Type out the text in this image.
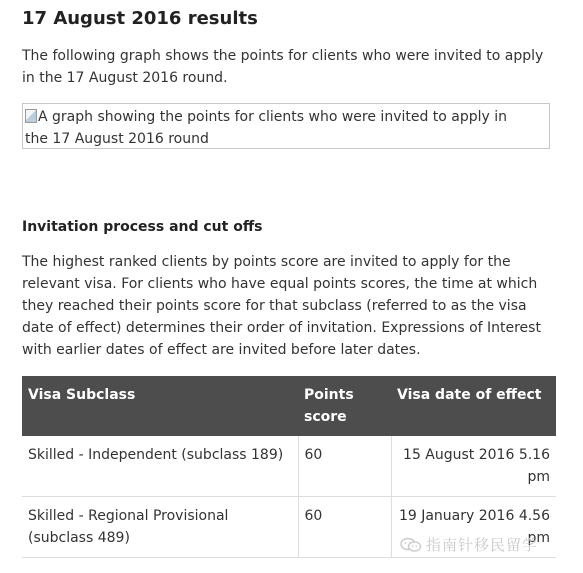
17 August 2016 results

The following graph shows the points for clients who were invited to apply in the 17 August 2016 round.

A graph showing the points for clients who were invited to apply in the 17 August 2016 round
Invitation process and cut offs

The highest ranked clients by points score are invited to apply for the relevant visa. For clients who have equal points scores, the time at which they reached their points score for that subclass (referred to as the visa date of effect) determines their order of invitation. Expressions of Interest with earlier dates of effect are invited before later dates.

Visa Subclass	Points score	Visa date of effect
Skilled - Independent (subclass 189)	60	15 August 2016 5.16 pm
Skilled - Regional Provisional (subclass 489)	60	19 January 2016 4.56 pm
指南针移民留学
